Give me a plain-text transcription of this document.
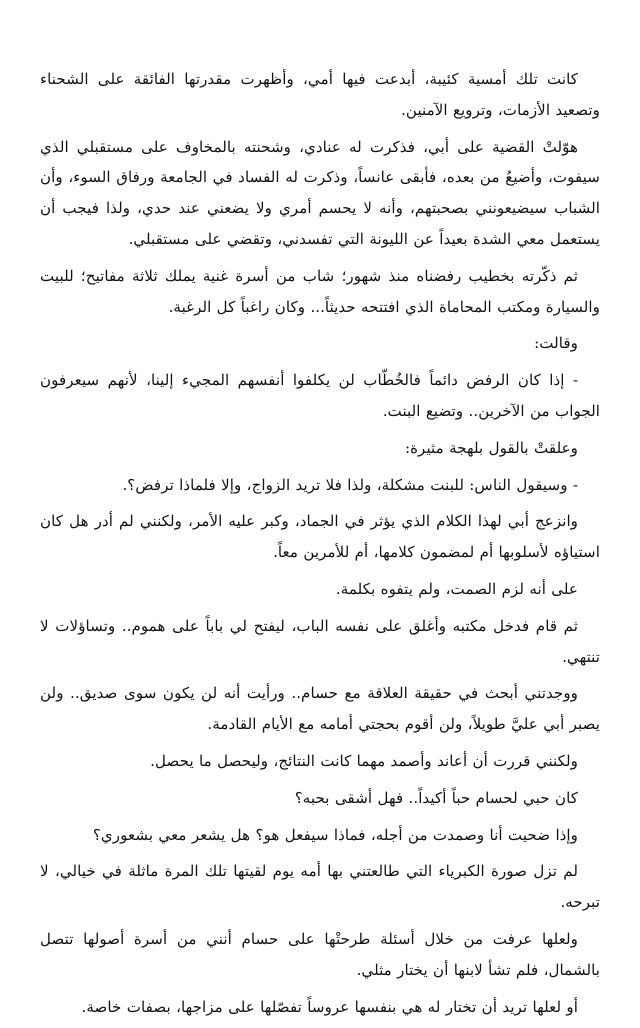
كانت تلك أمسية كئيبة، أبدعت فيها أمي، وأظهرت مقدرتها الفائقة على الشحناء وتصعيد الأزمات، وترويع الآمنين.

هوّلتْ القضية على أبي، فذكرت له عنادي، وشحنته بالمخاوف على مستقبلي الذي سيفوت، وأضيعُ من بعده، فأبقى عانساً، وذكرت له الفساد في الجامعة ورفاق السوء، وأن الشباب سيضيعونني بصحبتهم، وأنه لا يحسم أمري ولا يضعني عند حدي، ولذا فيجب أن يستعمل معي الشدة بعيداً عن الليونة التي تفسدني، وتقضي على مستقبلي.

ثم ذكّرته بخطيب رفضناه منذ شهور؛ شاب من أسرة غنية يملك ثلاثة مفاتيح؛ للبيت والسيارة ومكتب المحاماة الذي افتتحه حديثاً... وكان راغباً كل الرغبة.

وقالت:

- إذا كان الرفض دائماً فالخُطّاب لن يكلفوا أنفسهم المجيء إلينا، لأنهم سيعرفون الجواب من الآخرين.. وتضيع البنت.

وعلقتْ بالقول بلهجة مثيرة:

- وسيقول الناس: للبنت مشكلة، ولذا فلا تريد الزواج، وإلا فلماذا ترفض؟.

وانزعج أبي لهذا الكلام الذي يؤثر في الجماد، وكبر عليه الأمر، ولكنني لم أدر هل كان استياؤه لأسلوبها أم لمضمون كلامها، أم للأمرين معاً.

على أنه لزم الصمت، ولم يتفوه بكلمة.

ثم قام فدخل مكتبه وأغلق على نفسه الباب، ليفتح لي باباً على هموم.. وتساؤلات لا تنتهي.

ووجدتني أبحث في حقيقة العلاقة مع حسام.. ورأيت أنه لن يكون سوى صديق.. ولن يصبر أبي عليَّ طويلاً، ولن أقوم بحجتي أمامه مع الأيام القادمة.

ولكنني قررت أن أعاند وأصمد مهما كانت النتائج، وليحصل ما يحصل.

كان حبي لحسام حباً أكيداً.. فهل أشقى بحبه؟

وإذا ضحيت أنا وصمدت من أجله، فماذا سيفعل هو؟ هل يشعر معي بشعوري؟

لم تزل صورة الكبرياء التي طالعتني بها أمه يوم لقيتها تلك المرة ماثلة في خيالي، لا تبرحه.

ولعلها عرفت من خلال أسئلة طرحتْها على حسام أنني من أسرة أصولها تتصل بالشمال، فلم تشأ لابنها أن يختار مثلي.

أو لعلها تريد أن تختار له هي بنفسها عروساً تفصّلها على مزاجها، بصفات خاصة.
